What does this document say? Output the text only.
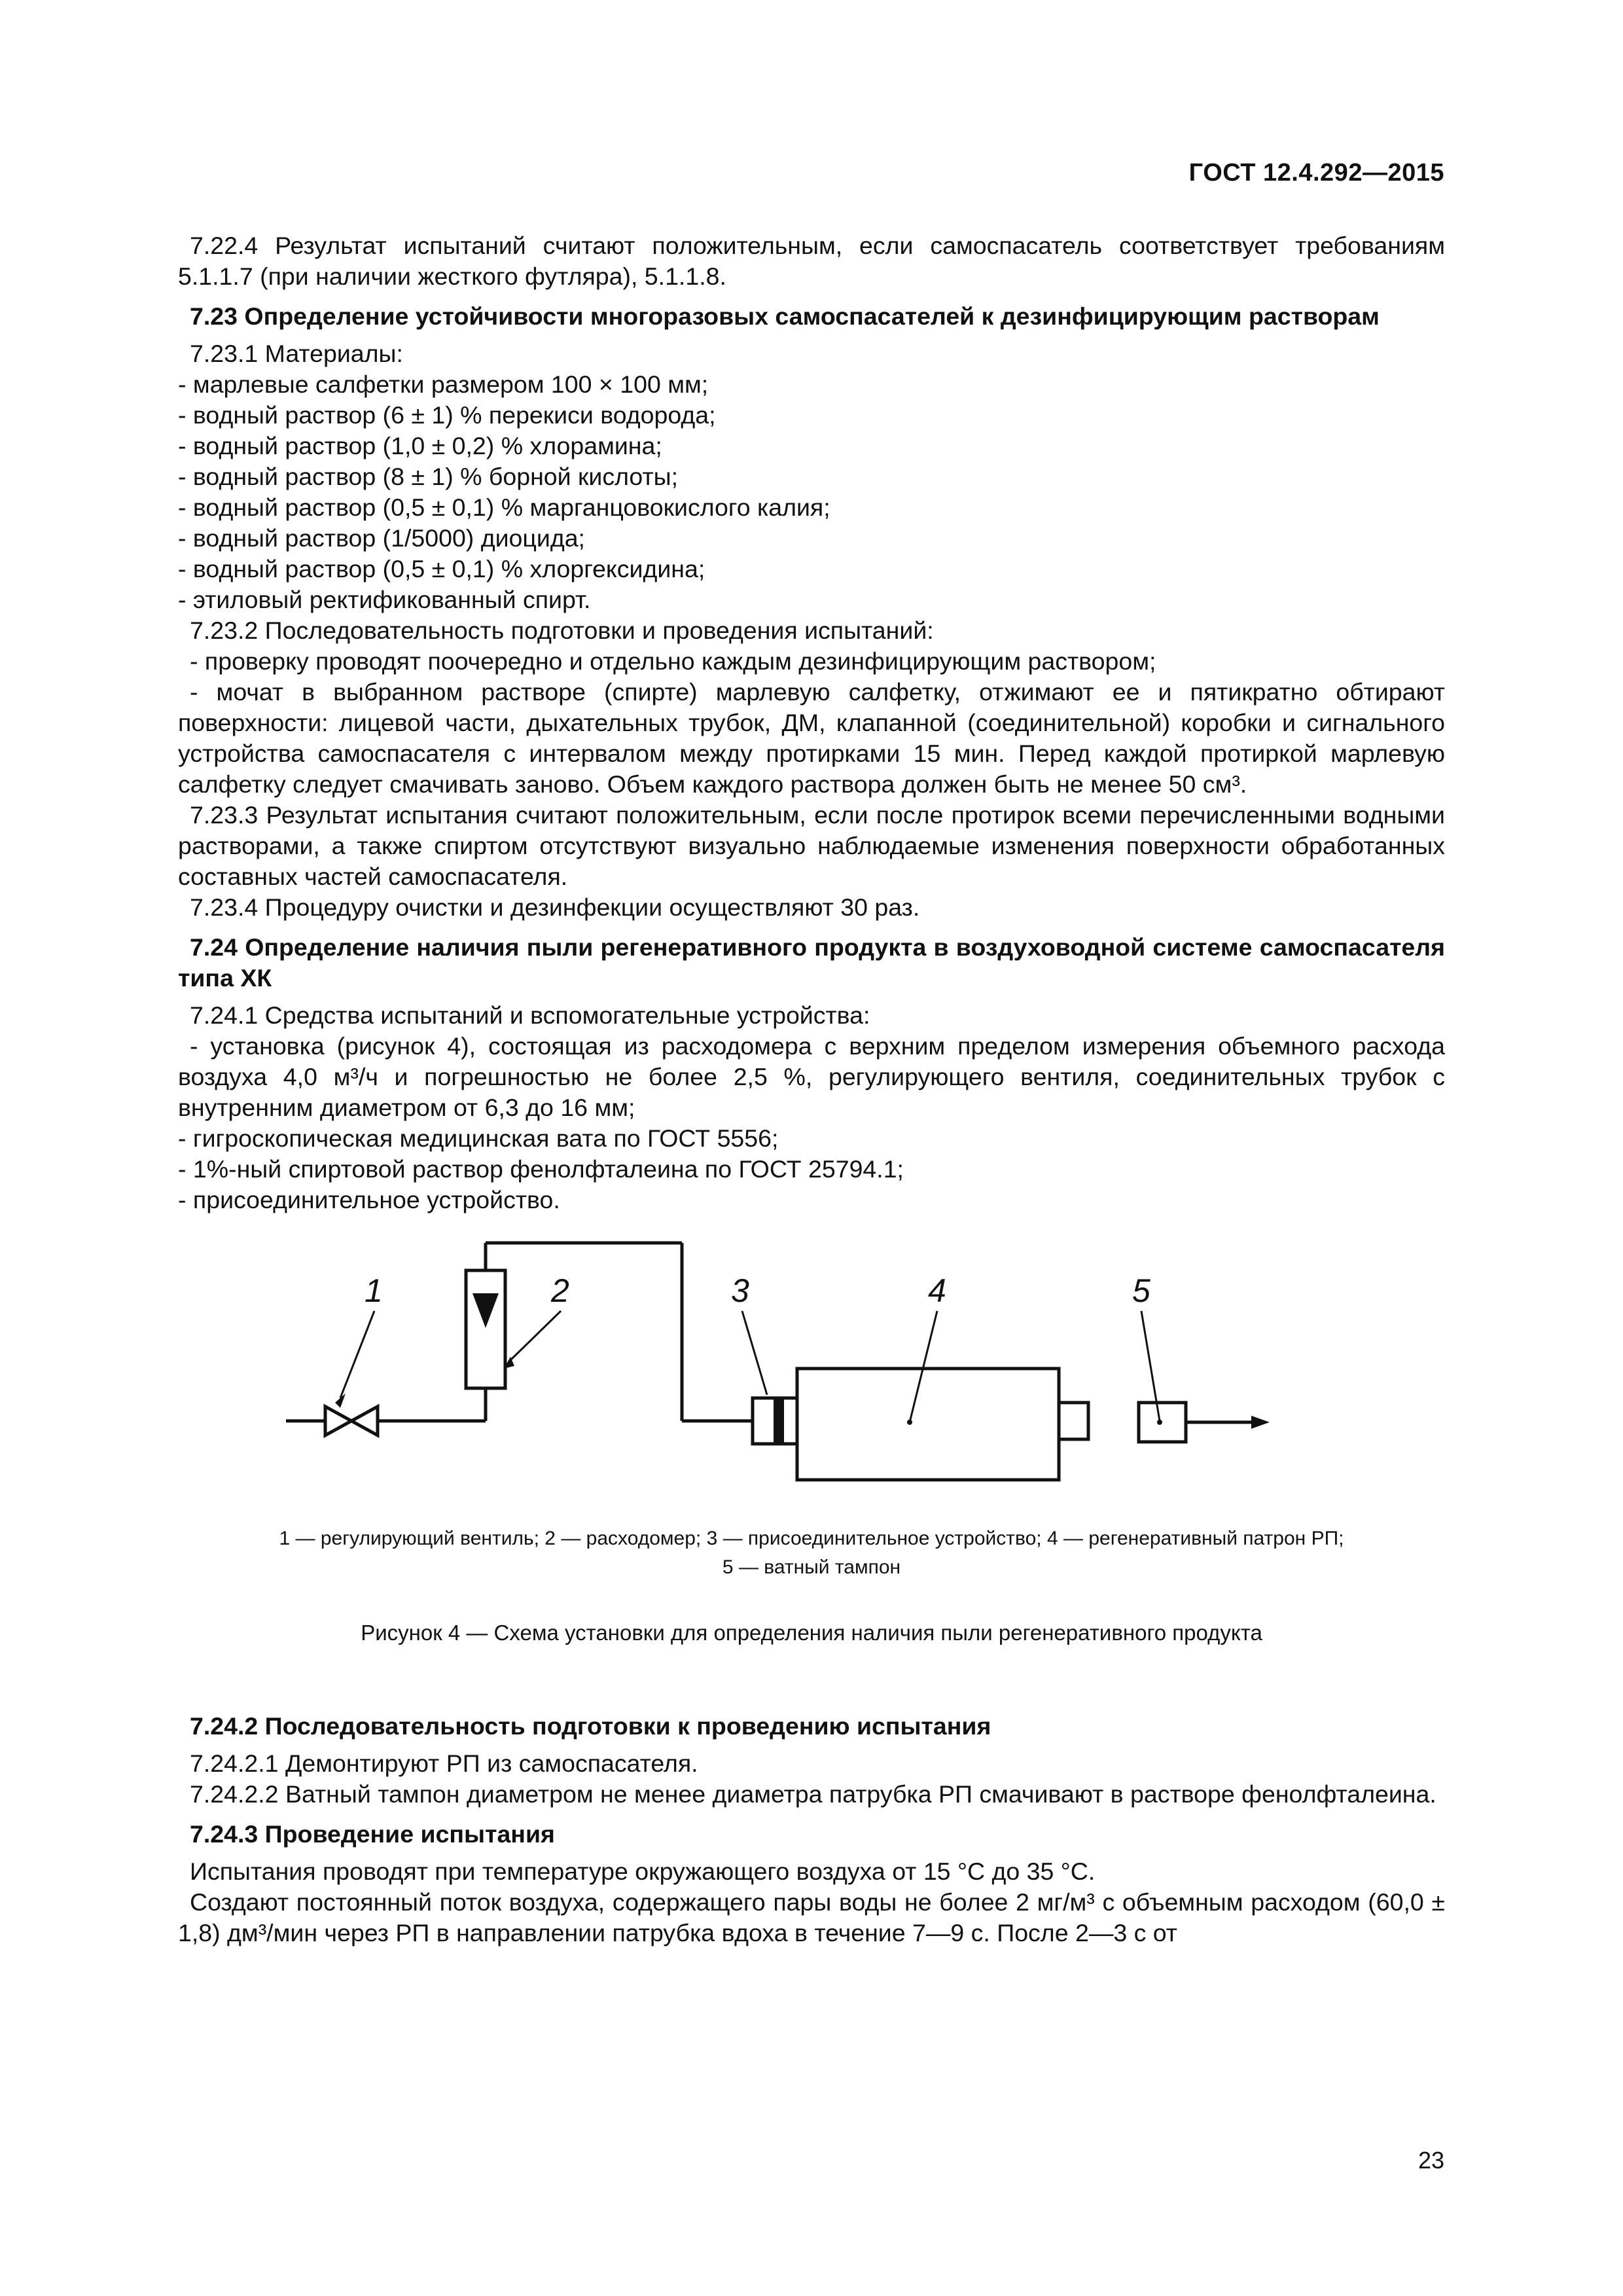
ГОСТ 12.4.292—2015

7.22.4 Результат испытаний считают положительным, если самоспасатель соответствует требованиям 5.1.1.7 (при наличии жесткого футляра), 5.1.1.8.

7.23 Определение устойчивости многоразовых самоспасателей к дезинфицирующим растворам

7.23.1 Материалы:

- марлевые салфетки размером 100 × 100 мм;

- водный раствор (6 ± 1) % перекиси водорода;

- водный раствор (1,0 ± 0,2) % хлорамина;

- водный раствор (8 ± 1) % борной кислоты;

- водный раствор (0,5 ± 0,1) % марганцовокислого калия;

- водный раствор (1/5000) диоцида;

- водный раствор (0,5 ± 0,1) % хлоргексидина;

- этиловый ректификованный спирт.

7.23.2 Последовательность подготовки и проведения испытаний:

- проверку проводят поочередно и отдельно каждым дезинфицирующим раствором;

- мочат в выбранном растворе (спирте) марлевую салфетку, отжимают ее и пятикратно обтирают поверхности: лицевой части, дыхательных трубок, ДМ, клапанной (соединительной) коробки и сигнального устройства самоспасателя с интервалом между протирками 15 мин. Перед каждой протиркой марлевую салфетку следует смачивать заново. Объем каждого раствора должен быть не менее 50 см³.

7.23.3 Результат испытания считают положительным, если после протирок всеми перечисленными водными растворами, а также спиртом отсутствуют визуально наблюдаемые изменения поверхности обработанных составных частей самоспасателя.

7.23.4 Процедуру очистки и дезинфекции осуществляют 30 раз.

7.24 Определение наличия пыли регенеративного продукта в воздуховодной системе самоспасателя типа ХК

7.24.1 Средства испытаний и вспомогательные устройства:

- установка (рисунок 4), состоящая из расходомера с верхним пределом измерения объемного расхода воздуха 4,0 м³/ч и погрешностью не более 2,5 %, регулирующего вентиля, соединительных трубок с внутренним диаметром от 6,3 до 16 мм;

- гигроскопическая медицинская вата по ГОСТ 5556;

- 1%-ный спиртовой раствор фенолфталеина по ГОСТ 25794.1;

- присоединительное устройство.

1	2	3	4	5
1 — регулирующий вентиль; 2 — расходомер; 3 — присоединительное устройство; 4 — регенеративный патрон РП;
5 — ватный тампон
Рисунок 4 — Схема установки для определения наличия пыли регенеративного продукта

7.24.2 Последовательность подготовки к проведению испытания

7.24.2.1 Демонтируют РП из самоспасателя.

7.24.2.2 Ватный тампон диаметром не менее диаметра патрубка РП смачивают в растворе фенолфталеина.

7.24.3 Проведение испытания

Испытания проводят при температуре окружающего воздуха от 15 °С до 35 °С.

Создают постоянный поток воздуха, содержащего пары воды не более 2 мг/м³ с объемным расходом (60,0 ± 1,8) дм³/мин через РП в направлении патрубка вдоха в течение 7—9 с. После 2—3 с от

23
